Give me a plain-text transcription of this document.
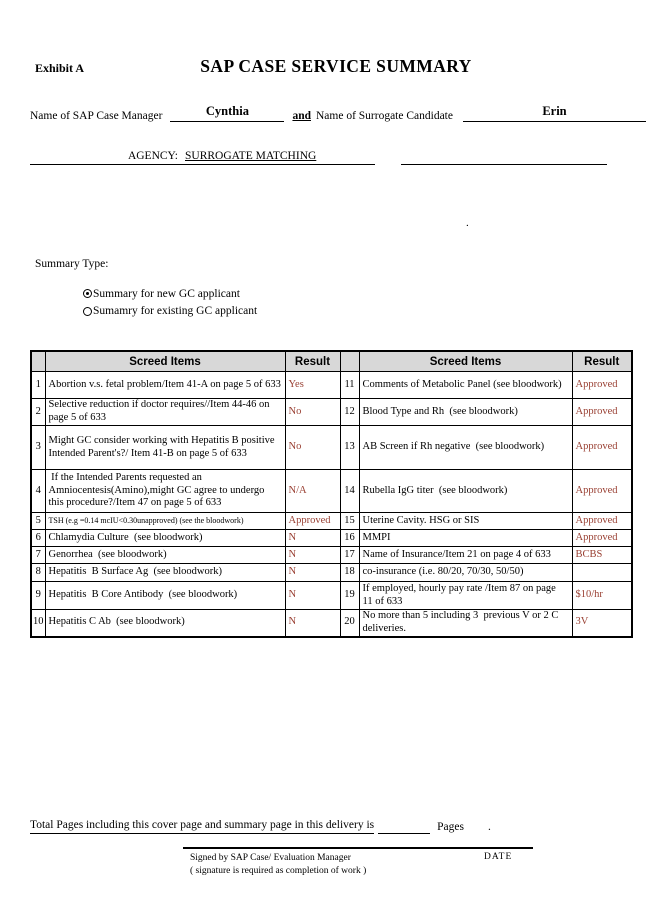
Exhibit A	SAP CASE SERVICE SUMMARY
Name of SAP Case Manager	Cynthia	and Name of Surrogate Candidate	Erin
AGENCY: SURROGATE MATCHING
.
Summary Type:
Summary for new GC applicant
Sumamry for existing GC applicant
	Screed Items	Result		Screed Items	Result
1	Abortion v.s. fetal problem/Item 41-A on page 5 of 633	Yes	11	Comments of Metabolic Panel (see bloodwork)	Approved
2	Selective reduction if doctor requires//Item 44-46 on page 5 of 633	No	12	Blood Type and Rh  (see bloodwork)	Approved
3	Might GC consider working with Hepatitis B positive Intended Parent's?/ Item 41-B on page 5 of 633	No	13	AB Screen if Rh negative  (see bloodwork)	Approved
4	If the Intended Parents requested an Amniocentesis(Amino),might GC agree to undergo this procedure?/Item 47 on page 5 of 633	N/A	14	Rubella IgG titer  (see bloodwork)	Approved
5	TSH (e.g =0.14 mcIU<0.30unapproved) (see the bloodwork)	Approved	15	Uterine Cavity. HSG or SIS	Approved
6	Chlamydia Culture  (see bloodwork)	N	16	MMPI	Approved
7	Genorrhea  (see bloodwork)	N	17	Name of Insurance/Item 21 on page 4 of 633	BCBS
8	Hepatitis  B Surface Ag  (see bloodwork)	N	18	co-insurance (i.e. 80/20, 70/30, 50/50)	
9	Hepatitis  B Core Antibody  (see bloodwork)	N	19	If employed, hourly pay rate /Item 87 on page 11 of 633	$10/hr
10	Hepatitis C Ab  (see bloodwork)	N	20	No more than 5 including 3  previous V or 2 C deliveries.	3V
Total Pages including this cover page and summary page in this delivery is	Pages .
Signed by SAP Case/ Evaluation Manager
( signature is required as completion of work )
DATE
